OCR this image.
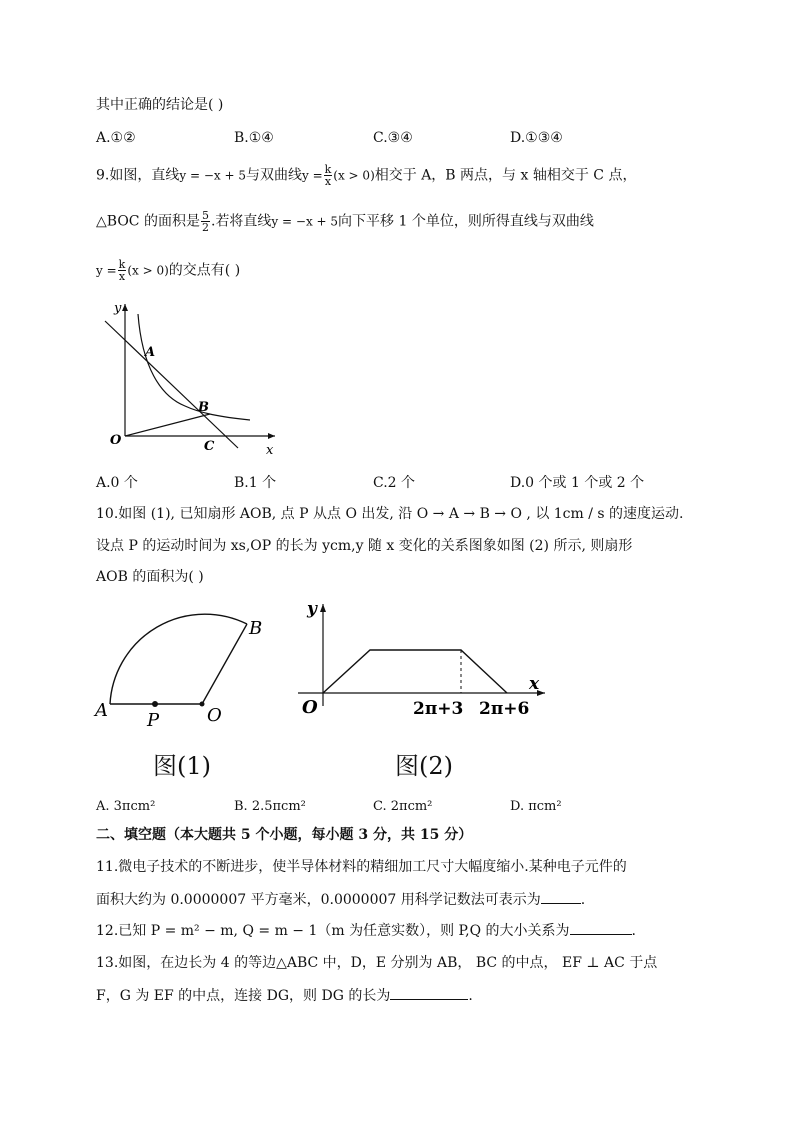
其中正确的结论是( )
A.①②	B.①④	C.③④	D.①③④
9.如图，直线y = −x + 5与双曲线$y = \frac{k}{x} (x > 0)$相交于 A，B 两点，与 x 轴相交于 C 点，
△BOC 的面积是 $\frac{5}{2}$ .若将直线y = −x + 5向下平移 1 个单位，则所得直线与双曲线
$y = \frac{k}{x} (x > 0)$的交点有( )
y
x
A
B
O	C
A.0 个	B.1 个	C.2 个	D.0 个或 1 个或 2 个
10.如图 (1), 已知扇形 AOB, 点 P 从点 O 出发, 沿 O → A → B → O , 以 1cm / s 的速度运动.
设点 P 的运动时间为 xs,OP 的长为 ycm,y 随 x 变化的关系图象如图 (2) 所示, 则扇形
AOB 的面积为( )
A
B
P	O
y
x
O	2π+3 2π+6
图(1)	图(2)
A. 3πcm²	B. 2.5πcm²	C. 2πcm²	D. πcm²
二、填空题（本大题共 5 个小题，每小题 3 分，共 15 分）
11.微电子技术的不断进步，使半导体材料的精细加工尺寸大幅度缩小.某种电子元件的
面积大约为 0.0000007 平方毫米，0.0000007 用科学记数法可表示为	.
12.已知 P = m² − m, Q = m − 1（m 为任意实数），则 P,Q 的大小关系为	.
13.如图，在边长为 4 的等边△ABC 中，D，E 分别为 AB， BC 的中点， EF ⊥ AC 于点
F，G 为 EF 的中点，连接 DG，则 DG 的长为	.
